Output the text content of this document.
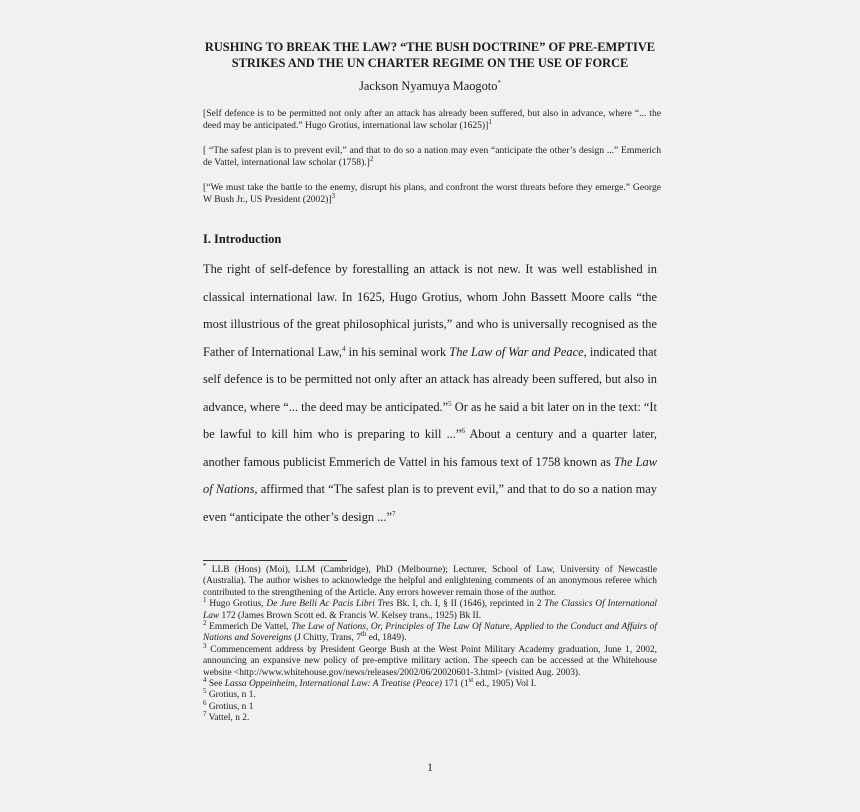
RUSHING TO BREAK THE LAW? “THE BUSH DOCTRINE” OF PRE-EMPTIVE
STRIKES AND THE UN CHARTER REGIME ON THE USE OF FORCE
Jackson Nyamuya Maogoto*
[Self defence is to be permitted not only after an attack has already been suffered, but also in advance, where “... the deed may be anticipated.” Hugo Grotius, international law scholar (1625)]$^1$
[ “The safest plan is to prevent evil,” and that to do so a nation may even “anticipate the other’s design ...” Emmerich de Vattel, international law scholar (1758).]$^2$
[“We must take the battle to the enemy, disrupt his plans, and confront the worst threats before they emerge.” George W Bush Jr., US President (2002)]$^3$
I. Introduction
The right of self-defence by forestalling an attack is not new. It was well established in classical international law. In 1625, Hugo Grotius, whom John Bassett Moore calls “the most illustrious of the great philosophical jurists,” and who is universally recognised as the Father of International Law,$^4$ in his seminal work The Law of War and Peace, indicated that self defence is to be permitted not only after an attack has already been suffered, but also in advance, where “... the deed may be anticipated.”$^5$ Or as he said a bit later on in the text: “It be lawful to kill him who is preparing to kill ...”$^6$ About a century and a quarter later, another famous publicist Emmerich de Vattel in his famous text of 1758 known as The Law of Nations, affirmed that “The safest plan is to prevent evil,” and that to do so a nation may even “anticipate the other’s design ...”$^7$

* LLB (Hons) (Moi), LLM (Cambridge), PhD (Melbourne); Lecturer, School of Law, University of Newcastle (Australia). The author wishes to acknowledge the helpful and enlightening comments of an anonymous referee which contributed to the strengthening of the Article. Any errors however remain those of the author.

$^1$ Hugo Grotius, De Jure Belli Ac Pacis Libri Tres Bk. I, ch. I, § II (1646), reprinted in 2 The Classics Of International Law 172 (James Brown Scott ed. & Francis W. Kelsey trans., 1925) Bk II.

$^2$ Emmerich De Vattel, The Law of Nations, Or, Principles of The Law Of Nature, Applied to the Conduct and Affairs of Nations and Sovereigns (J Chitty, Trans, 7th ed, 1849).

$^3$ Commencement address by President George Bush at the West Point Military Academy graduation, June 1, 2002, announcing an expansive new policy of pre-emptive military action. The speech can be accessed at the Whitehouse website <http://www.whitehouse.gov/news/releases/2002/06/20020601-3.html> (visited Aug. 2003).

$^4$ See Lassa Oppeinheim, International Law: A Treatise (Peace) 171 (1st ed., 1905) Vol I.

$^5$ Grotius, n 1.

$^6$ Grotius, n 1

$^7$ Vattel, n 2.

1
